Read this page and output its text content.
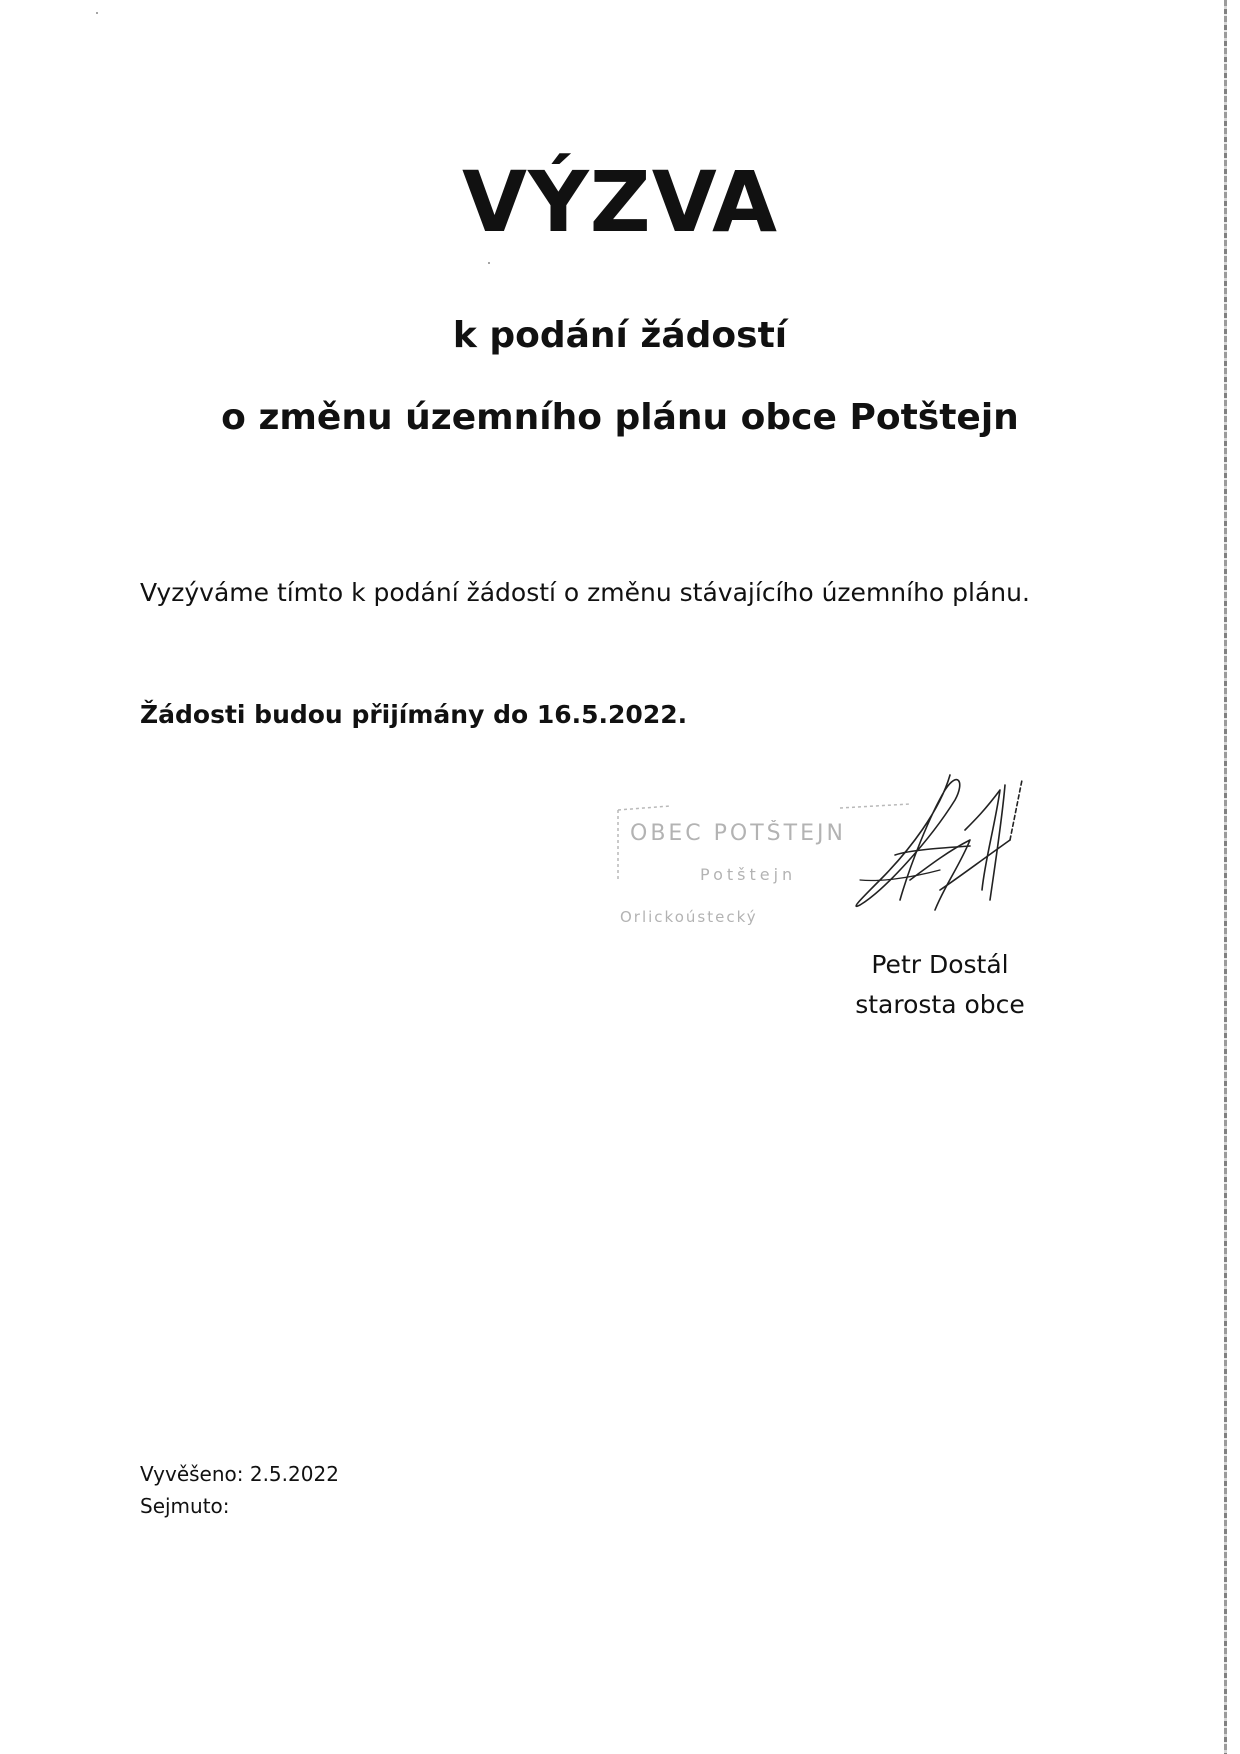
VÝZVA
k podání žádostí
o změnu územního plánu obce Potštejn

Vyzýváme tímto k podání žádostí o změnu stávajícího územního plánu.

Žádosti budou přijímány do 16.5.2022.

OBEC POTŠTEJN
Potštejn
Orlickoústecký
Petr Dostál
starosta obce
Vyvěšeno: 2.5.2022
Sejmuto:
